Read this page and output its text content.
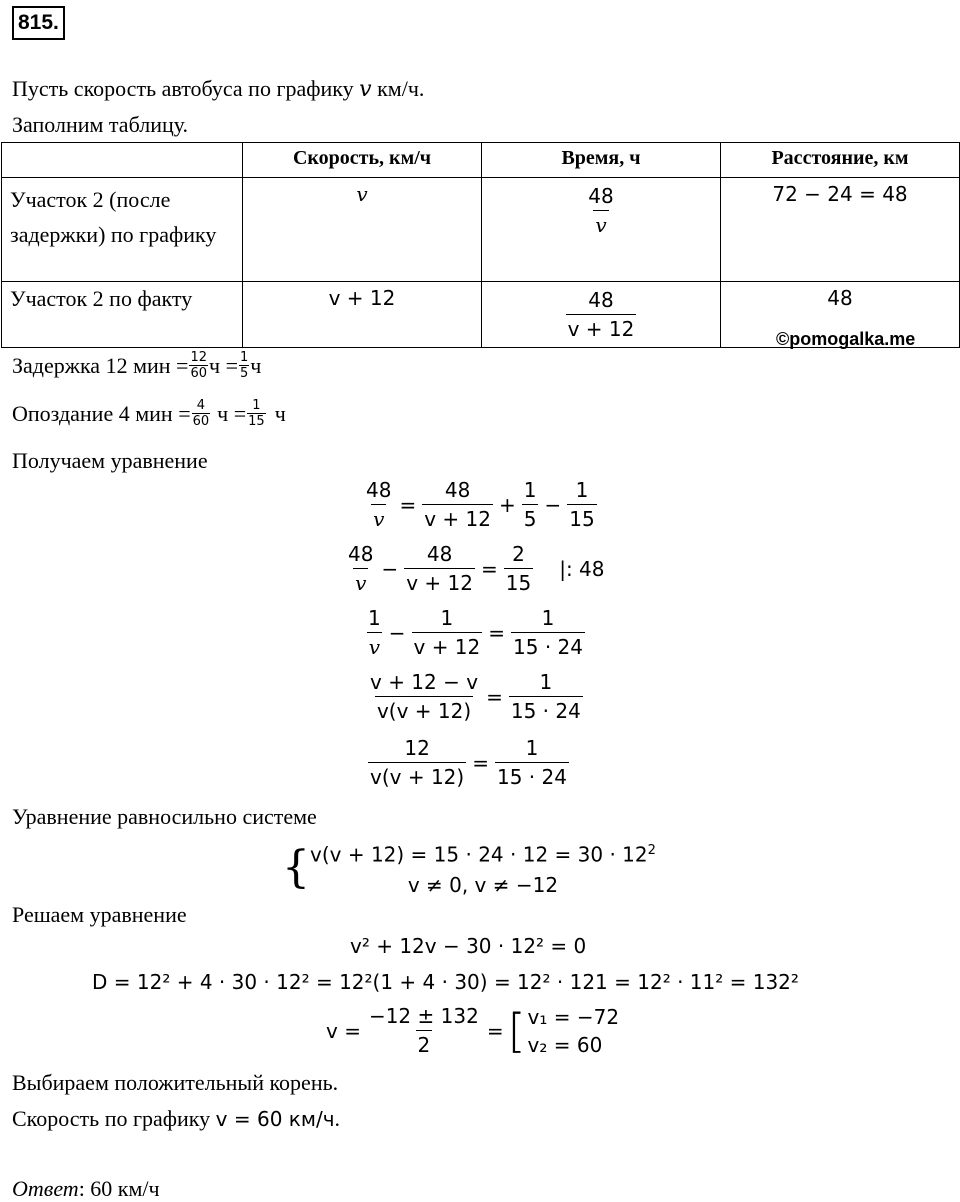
815.
Пусть скорость автобуса по графику v км/ч.
Заполним таблицу.
	Скорость, км/ч	Время, ч	Расстояние, км
Участок 2 (после задержки) по графику	v	$\frac{48}{v}$	72 − 24 = 48
Участок 2 по факту	v + 12	$\frac{48}{v + 12}$	48
©pomogalka.me
Задержка 12 мин = $\frac{12}{60}$ $ч = \frac{1}{5}$ ч
Опоздание 4 мин = $\frac{4}{60}$ $ч = \frac{1}{15}$ ч
Получаем уравнение
$\frac{48}{v} = \frac{48}{v + 12} + \frac{1}{5} - \frac{1}{15}$
$\frac{48}{v} - \frac{48}{v + 12} = \frac{2}{15}$ |: 48
$\frac{1}{v} - \frac{1}{v + 12} = \frac{1}{15 \cdot 24}$
$\frac{v + 12 - v}{v(v + 12)} = \frac{1}{15 \cdot 24}$
$\frac{12}{v(v + 12)} = \frac{1}{15 \cdot 24}$
Уравнение равносильно системе
{ $v(v + 12) = 15 \cdot 24 \cdot 12 = 30 \cdot 12^2$
v ≠ 0, v ≠ −12
Решаем уравнение
v² + 12v − 30 · 12² = 0
D = 12² + 4 · 30 · 12² = 12²(1 + 4 · 30) = 12² · 121 = 12² · 11² = 132²
$v = \frac{-12 \pm 132}{2}$ = [ v₁ = −72
v₂ = 60
Выбираем положительный корень.
Скорость по графику v = 60 км/ч.
Ответ: 60 км/ч
